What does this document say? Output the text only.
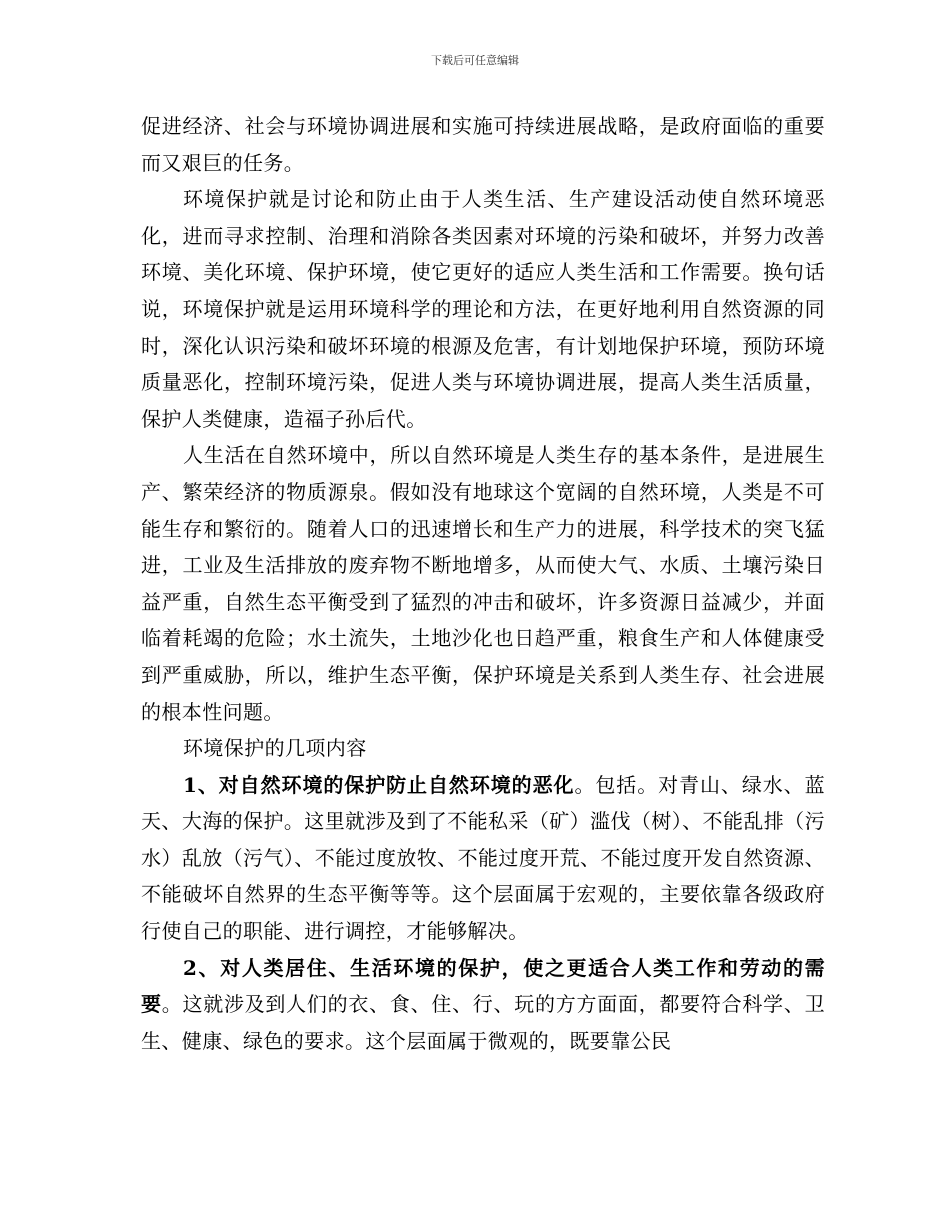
下载后可任意编辑

促进经济、社会与环境协调进展和实施可持续进展战略，是政府面临的重要而又艰巨的任务。

环境保护就是讨论和防止由于人类生活、生产建设活动使自然环境恶化，进而寻求控制、治理和消除各类因素对环境的污染和破坏，并努力改善环境、美化环境、保护环境，使它更好的适应人类生活和工作需要。换句话说，环境保护就是运用环境科学的理论和方法，在更好地利用自然资源的同时，深化认识污染和破坏环境的根源及危害，有计划地保护环境，预防环境质量恶化，控制环境污染，促进人类与环境协调进展，提高人类生活质量，保护人类健康，造福子孙后代。

人生活在自然环境中，所以自然环境是人类生存的基本条件，是进展生产、繁荣经济的物质源泉。假如没有地球这个宽阔的自然环境，人类是不可能生存和繁衍的。随着人口的迅速增长和生产力的进展，科学技术的突飞猛进，工业及生活排放的废弃物不断地增多，从而使大气、水质、土壤污染日益严重，自然生态平衡受到了猛烈的冲击和破坏，许多资源日益减少，并面临着耗竭的危险；水土流失，土地沙化也日趋严重，粮食生产和人体健康受到严重威胁，所以，维护生态平衡，保护环境是关系到人类生存、社会进展的根本性问题。

环境保护的几项内容

1、对自然环境的保护防止自然环境的恶化。包括。对青山、绿水、蓝天、大海的保护。这里就涉及到了不能私采（矿）滥伐（树）、不能乱排（污水）乱放（污气）、不能过度放牧、不能过度开荒、不能过度开发自然资源、不能破坏自然界的生态平衡等等。这个层面属于宏观的，主要依靠各级政府行使自己的职能、进行调控，才能够解决。

2、对人类居住、生活环境的保护，使之更适合人类工作和劳动的需要。这就涉及到人们的衣、食、住、行、玩的方方面面，都要符合科学、卫生、健康、绿色的要求。这个层面属于微观的，既要靠公民
